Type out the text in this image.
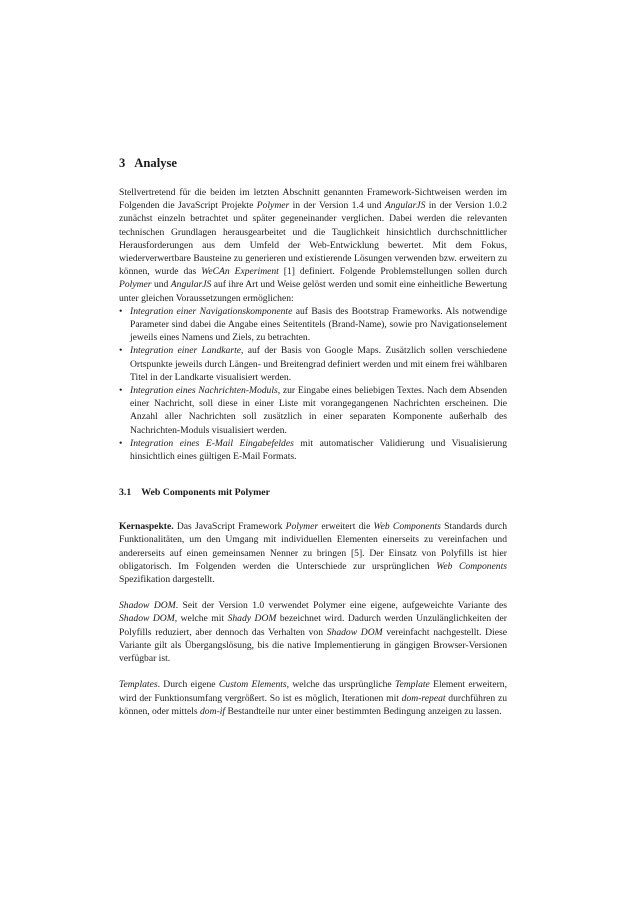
3 Analyse

Stellvertretend für die beiden im letzten Abschnitt genannten Framework-Sichtweisen werden im Folgenden die JavaScript Projekte Polymer in der Version 1.4 und AngularJS in der Version 1.0.2 zunächst einzeln betrachtet und später gegeneinander verglichen. Dabei werden die relevanten technischen Grundlagen herausgearbeitet und die Tauglichkeit hinsichtlich durchschnittlicher Herausforderungen aus dem Umfeld der Web-Entwicklung bewertet. Mit dem Fokus, wiederverwertbare Bausteine zu generieren und existierende Lösungen verwenden bzw. erweitern zu können, wurde das WeCAn Experiment [1] definiert. Folgende Problemstellungen sollen durch Polymer und AngularJS auf ihre Art und Weise gelöst werden und somit eine einheitliche Bewertung unter gleichen Voraussetzungen ermöglichen:

• Integration einer Navigationskomponente auf Basis des Bootstrap Frameworks. Als notwendige Parameter sind dabei die Angabe eines Seitentitels (Brand-Name), sowie pro Navigationselement jeweils eines Namens und Ziels, zu betrachten.
• Integration einer Landkarte, auf der Basis von Google Maps. Zusätzlich sollen verschiedene Ortspunkte jeweils durch Längen- und Breitengrad definiert werden und mit einem frei wählbaren Titel in der Landkarte visualisiert werden.
• Integration eines Nachrichten-Moduls, zur Eingabe eines beliebigen Textes. Nach dem Absenden einer Nachricht, soll diese in einer Liste mit vorangegangenen Nachrichten erscheinen. Die Anzahl aller Nachrichten soll zusätzlich in einer separaten Komponente außerhalb des Nachrichten-Moduls visualisiert werden.
• Integration eines E-Mail Eingabefeldes mit automatischer Validierung und Visualisierung hinsichtlich eines gültigen E-Mail Formats.
3.1 Web Components mit Polymer

Kernaspekte. Das JavaScript Framework Polymer erweitert die Web Components Standards durch Funktionalitäten, um den Umgang mit individuellen Elementen einerseits zu vereinfachen und andererseits auf einen gemeinsamen Nenner zu bringen [5]. Der Einsatz von Polyfills ist hier obligatorisch. Im Folgenden werden die Unterschiede zur ursprünglichen Web Components Spezifikation dargestellt.

Shadow DOM. Seit der Version 1.0 verwendet Polymer eine eigene, aufgeweichte Variante des Shadow DOM, welche mit Shady DOM bezeichnet wird. Dadurch werden Unzulänglichkeiten der Polyfills reduziert, aber dennoch das Verhalten von Shadow DOM vereinfacht nachgestellt. Diese Variante gilt als Übergangslösung, bis die native Implementierung in gängigen Browser-Versionen verfügbar ist.

Templates. Durch eigene Custom Elements, welche das ursprüngliche Template Element erweitern, wird der Funktionsumfang vergrößert. So ist es möglich, Iterationen mit dom-repeat durchführen zu können, oder mittels dom-if Bestandteile nur unter einer bestimmten Bedingung anzeigen zu lassen.
